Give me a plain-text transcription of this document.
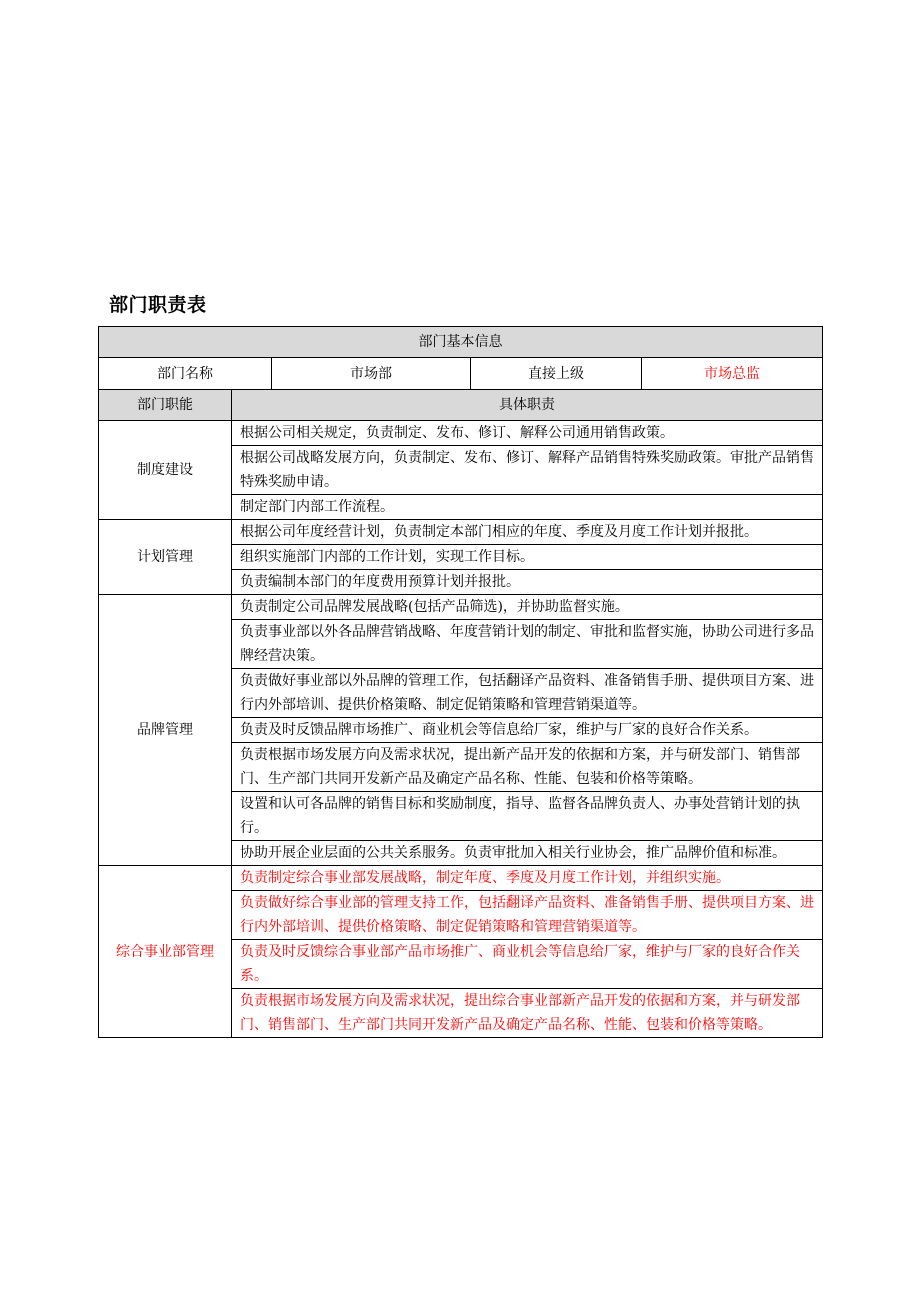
部门职责表
部门基本信息				
部门名称		市场部	直接上级	市场总监
部门职能	具体职责			
制度建设	根据公司相关规定，负责制定、发布、修订、解释公司通用销售政策。			
	根据公司战略发展方向，负责制定、发布、修订、解释产品销售特殊奖励政策。审批产品销售特殊奖励申请。			
	制定部门内部工作流程。			
计划管理	根据公司年度经营计划，负责制定本部门相应的年度、季度及月度工作计划并报批。			
	组织实施部门内部的工作计划，实现工作目标。			
	负责编制本部门的年度费用预算计划并报批。			
品牌管理	负责制定公司品牌发展战略(包括产品筛选)，并协助监督实施。			
	负责事业部以外各品牌营销战略、年度营销计划的制定、审批和监督实施，协助公司进行多品牌经营决策。			
	负责做好事业部以外品牌的管理工作，包括翻译产品资料、准备销售手册、提供项目方案、进行内外部培训、提供价格策略、制定促销策略和管理营销渠道等。			
	负责及时反馈品牌市场推广、商业机会等信息给厂家，维护与厂家的良好合作关系。			
	负责根据市场发展方向及需求状况，提出新产品开发的依据和方案，并与研发部门、销售部门、生产部门共同开发新产品及确定产品名称、性能、包装和价格等策略。			
	设置和认可各品牌的销售目标和奖励制度，指导、监督各品牌负责人、办事处营销计划的执行。			
	协助开展企业层面的公共关系服务。负责审批加入相关行业协会，推广品牌价值和标准。			
综合事业部管理	负责制定综合事业部发展战略，制定年度、季度及月度工作计划，并组织实施。			
	负责做好综合事业部的管理支持工作，包括翻译产品资料、准备销售手册、提供项目方案、进行内外部培训、提供价格策略、制定促销策略和管理营销渠道等。			
	负责及时反馈综合事业部产品市场推广、商业机会等信息给厂家，维护与厂家的良好合作关系。			
	负责根据市场发展方向及需求状况，提出综合事业部新产品开发的依据和方案，并与研发部门、销售部门、生产部门共同开发新产品及确定产品名称、性能、包装和价格等策略。			
